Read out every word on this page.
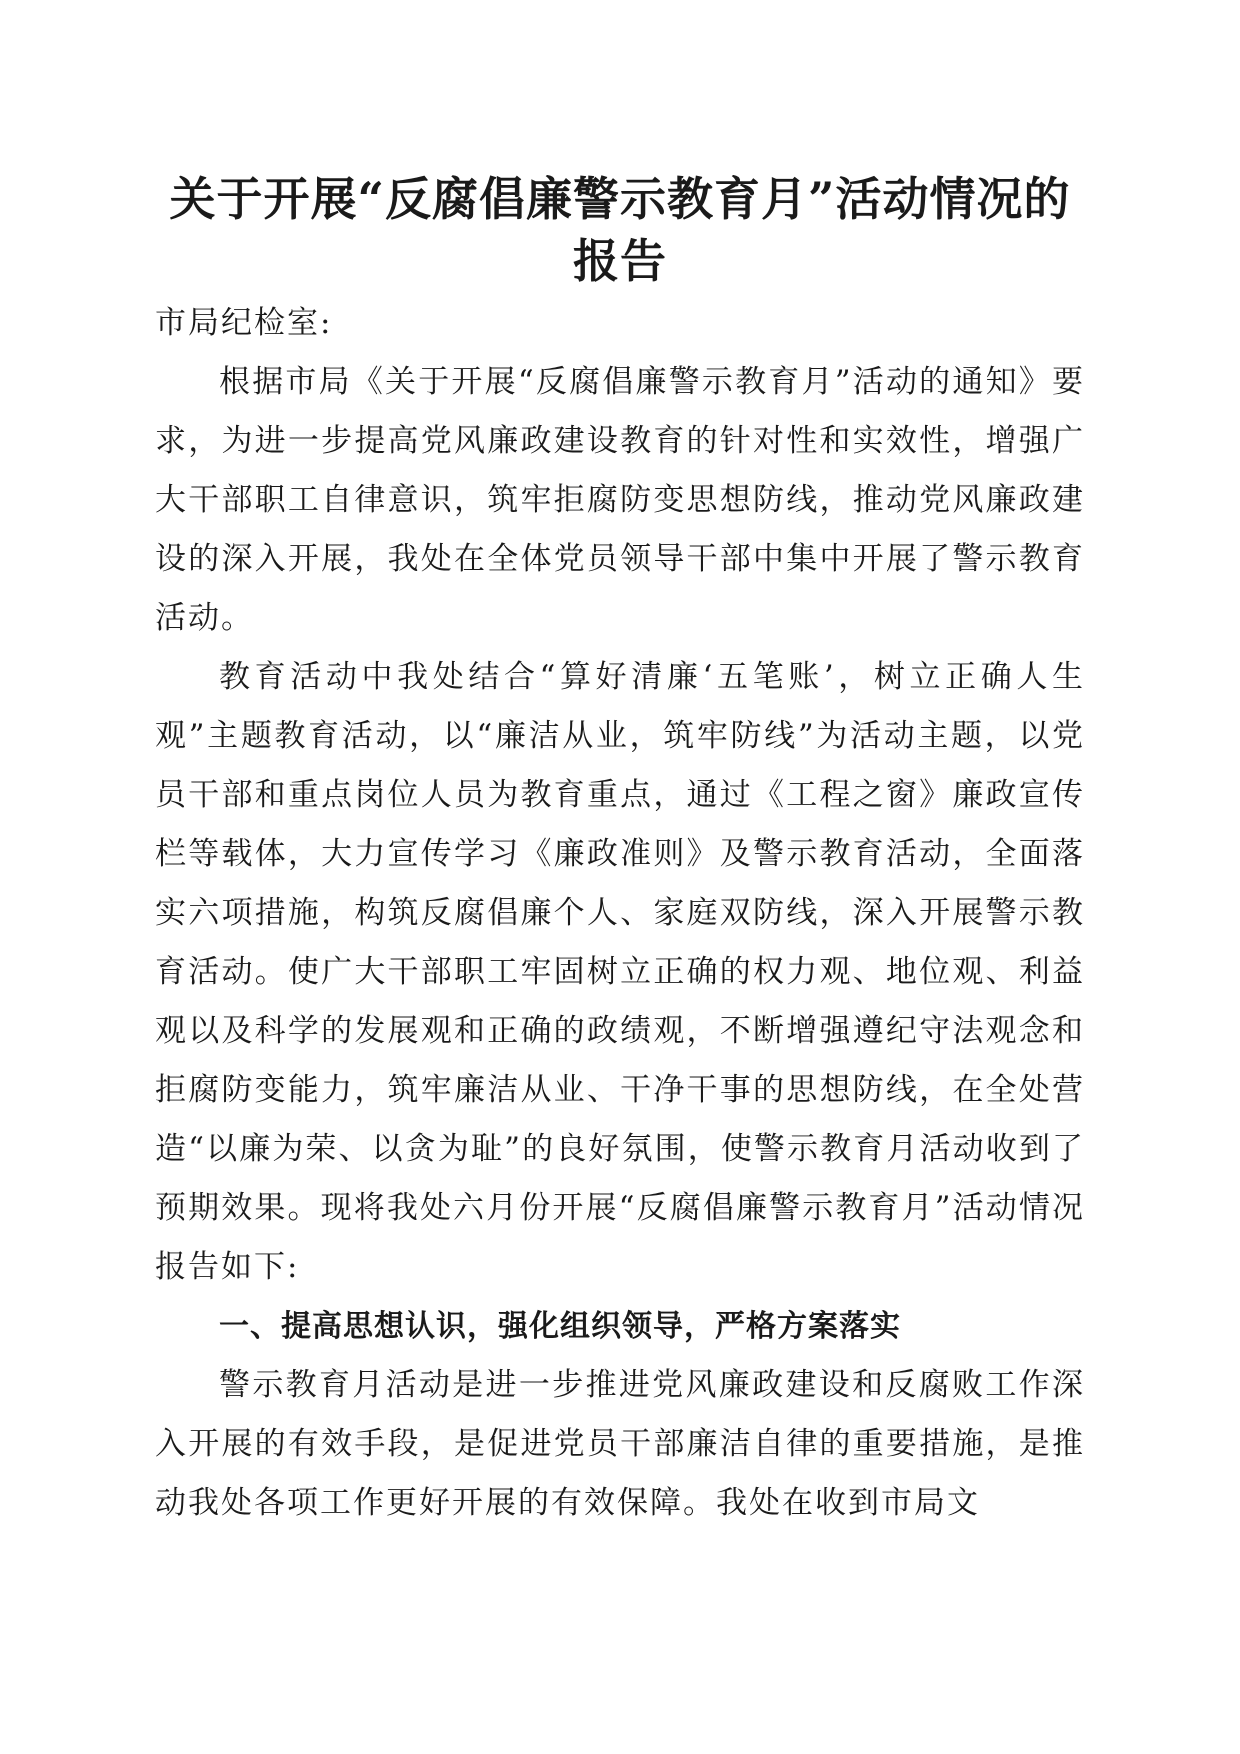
关于开展“反腐倡廉警示教育月”活动情况的
报告

市局纪检室:

根据市局《关于开展“反腐倡廉警示教育月”活动的通知》要求，为进一步提高党风廉政建设教育的针对性和实效性，增强广大干部职工自律意识，筑牢拒腐防变思想防线，推动党风廉政建设的深入开展，我处在全体党员领导干部中集中开展了警示教育活动。

教育活动中我处结合“算好清廉‘五笔账’，树立正确人生观”主题教育活动，以“廉洁从业，筑牢防线”为活动主题，以党员干部和重点岗位人员为教育重点，通过《工程之窗》廉政宣传栏等载体，大力宣传学习《廉政准则》及警示教育活动，全面落实六项措施，构筑反腐倡廉个人、家庭双防线，深入开展警示教育活动。使广大干部职工牢固树立正确的权力观、地位观、利益观以及科学的发展观和正确的政绩观，不断增强遵纪守法观念和拒腐防变能力，筑牢廉洁从业、干净干事的思想防线，在全处营造“以廉为荣、以贪为耻”的良好氛围，使警示教育月活动收到了预期效果。现将我处六月份开展“反腐倡廉警示教育月”活动情况报告如下:

一、提高思想认识，强化组织领导，严格方案落实

警示教育月活动是进一步推进党风廉政建设和反腐败工作深入开展的有效手段，是促进党员干部廉洁自律的重要措施，是推动我处各项工作更好开展的有效保障。我处在收到市局文
